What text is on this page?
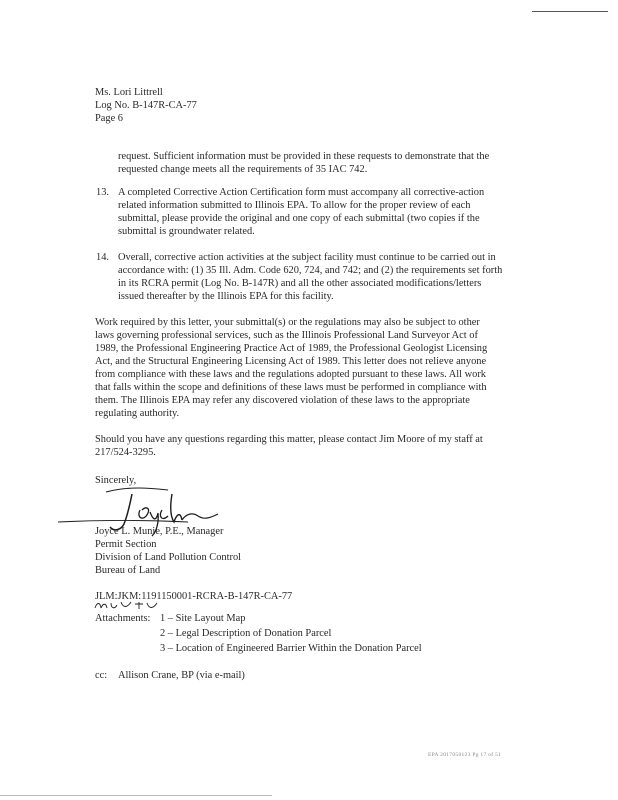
Ms. Lori Littrell
Log No. B-147R-CA-77
Page 6
request. Sufficient information must be provided in these requests to demonstrate that the
requested change meets all the requirements of 35 IAC 742.
13. A completed Corrective Action Certification form must accompany all corrective-action
related information submitted to Illinois EPA. To allow for the proper review of each
submittal, please provide the original and one copy of each submittal (two copies if the
submittal is groundwater related.
14. Overall, corrective action activities at the subject facility must continue to be carried out in
accordance with: (1) 35 Ill. Adm. Code 620, 724, and 742; and (2) the requirements set forth
in its RCRA permit (Log No. B-147R) and all the other associated modifications/letters
issued thereafter by the Illinois EPA for this facility.
Work required by this letter, your submittal(s) or the regulations may also be subject to other
laws governing professional services, such as the Illinois Professional Land Surveyor Act of
1989, the Professional Engineering Practice Act of 1989, the Professional Geologist Licensing
Act, and the Structural Engineering Licensing Act of 1989. This letter does not relieve anyone
from compliance with these laws and the regulations adopted pursuant to these laws. All work
that falls within the scope and definitions of these laws must be performed in compliance with
them. The Illinois EPA may refer any discovered violation of these laws to the appropriate
regulating authority.
Should you have any questions regarding this matter, please contact Jim Moore of my staff at
217/524-3295.
Sincerely,
Joyce L. Munie, P.E., Manager
Permit Section
Division of Land Pollution Control
Bureau of Land
JLM:JKM:1191150001-RCRA-B-147R-CA-77
Attachments: 1 – Site Layout Map
2 – Legal Description of Donation Parcel
3 – Location of Engineered Barrier Within the Donation Parcel
cc: Allison Crane, BP (via e-mail)
EPA 2017050123 Pg 17 of 51
